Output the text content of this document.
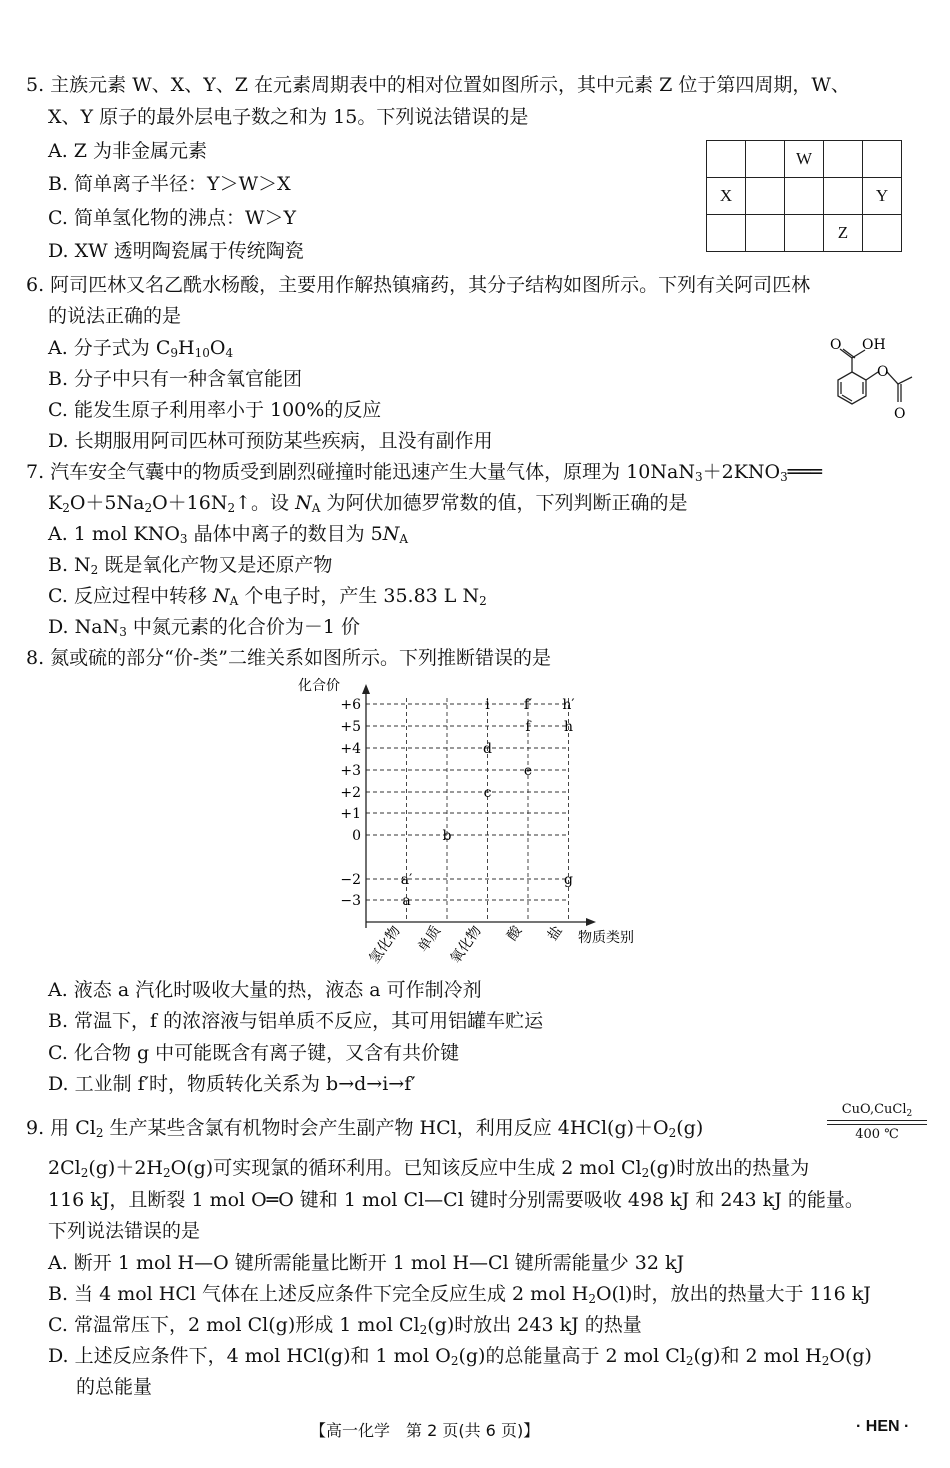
5. 主族元素 W、X、Y、Z 在元素周期表中的相对位置如图所示，其中元素 Z 位于第四周期，W、
X、Y 原子的最外层电子数之和为 15。下列说法错误的是
A. Z 为非金属元素
B. 简单离子半径：Y＞W＞X
C. 简单氢化物的沸点：W＞Y
D. XW 透明陶瓷属于传统陶瓷
		W		
X				Y
			Z	
6. 阿司匹林又名乙酰水杨酸，主要用作解热镇痛药，其分子结构如图所示。下列有关阿司匹林
的说法正确的是
A. 分子式为 $C_9H_{10}O_4$
B. 分子中只有一种含氧官能团
C. 能发生原子利用率小于 100%的反应
D. 长期服用阿司匹林可预防某些疾病，且没有副作用
O OH
O
O
7. 汽车安全气囊中的物质受到剧烈碰撞时能迅速产生大量气体，原理为 $10NaN_3+2KNO_3═══$
$K_2O+5Na_2O+16N_2↑$。设 $N_A$ 为阿伏加德罗常数的值，下列判断正确的是
A. 1 mol $KNO_3$ 晶体中离子的数目为 $5N_A$
B. $N_2$ 既是氧化产物又是还原产物
C. 反应过程中转移 $N_A$ 个电子时，产生 35.83 L $N_2$
D. NaN$_3$ 中氮元素的化合价为－1 价
8. 氮或硫的部分“价-类”二维关系如图所示。下列推断错误的是
化合价
物质类别
+6
+5
+4
+3
+2
+1
0
−2
−3
氢化物 单质 氧化物 酸 盐
a
a′
b
c
d
i
e
f
f′
g
h
h′
A. 液态 a 汽化时吸收大量的热，液态 a 可作制冷剂
B. 常温下，f 的浓溶液与铝单质不反应，其可用铝罐车贮运
C. 化合物 g 中可能既含有离子键，又含有共价键
D. 工业制 f′时，物质转化关系为 b→d→i→f′
9. 用 $Cl_2$ 生产某些含氯有机物时会产生副产物 HCl，利用反应 $4HCl(g)+O_2(g)$
CuO,CuCl$_2$
400 ℃
$2Cl_2(g)+2H_2O(g)$可实现氯的循环利用。已知该反应中生成 2 mol $Cl_2(g)$时放出的热量为
116 kJ，且断裂 1 mol O═O 键和 1 mol Cl—Cl 键时分别需要吸收 498 kJ 和 243 kJ 的能量。
下列说法错误的是
A. 断开 1 mol H—O 键所需能量比断开 1 mol H—Cl 键所需能量少 32 kJ
B. 当 4 mol HCl 气体在上述反应条件下完全反应生成 2 mol $H_2O(l)$时，放出的热量大于 116 kJ
C. 常温常压下，2 mol Cl(g)形成 1 mol $Cl_2(g)$时放出 243 kJ 的热量
D. 上述反应条件下，4 mol HCl(g)和 1 mol $O_2(g)$的总能量高于 2 mol $Cl_2(g)$和 2 mol $H_2O(g)$
的总能量
【高一化学　第 2 页(共 6 页)】	· HEN ·
